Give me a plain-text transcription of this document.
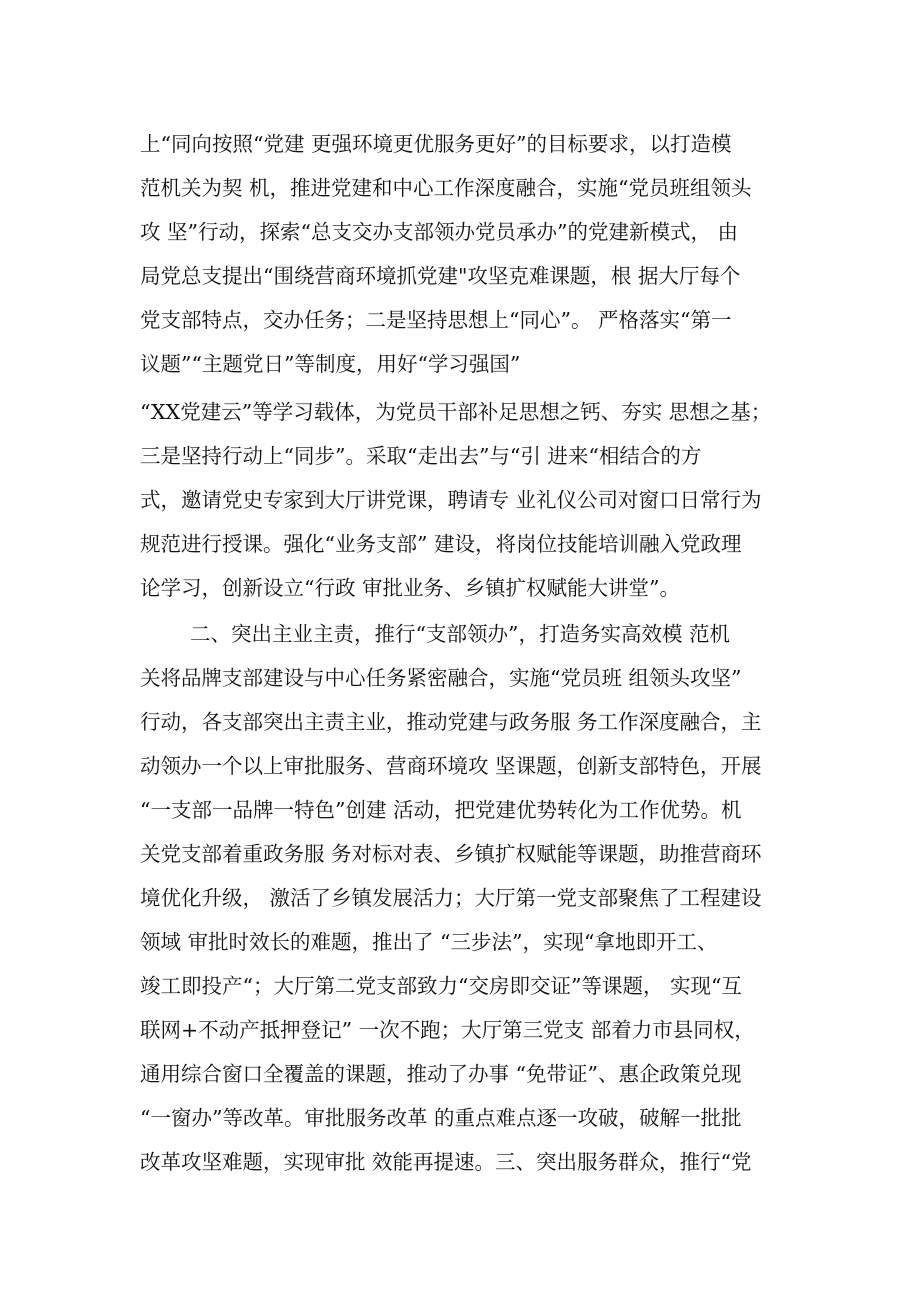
上“同向按照“党建 更强环境更优服务更好”的目标要求，以打造模
范机关为契 机，推进党建和中心工作深度融合，实施“党员班组领头
攻 坚”行动，探索“总支交办支部领办党员承办”的党建新模式， 由
局党总支提出“围绕营商环境抓党建"攻坚克难课题，根 据大厅每个
党支部特点，交办任务；二是坚持思想上“同心”。 严格落实“第一
议题”“主题党日”等制度，用好“学习强国”
“XX党建云”等学习载体，为党员干部补足思想之钙、夯实 思想之基；
三是坚持行动上“同步”。采取“走出去”与“引 进来“相结合的方
式，邀请党史专家到大厅讲党课，聘请专 业礼仪公司对窗口日常行为
规范进行授课。强化“业务支部” 建设，将岗位技能培训融入党政理
论学习，创新设立“行政 审批业务、乡镇扩权赋能大讲堂”。
二、突出主业主责，推行“支部领办”，打造务实高效模 范机
关将品牌支部建设与中心任务紧密融合，实施“党员班 组领头攻坚”
行动，各支部突出主责主业，推动党建与政务服 务工作深度融合，主
动领办一个以上审批服务、营商环境攻 坚课题，创新支部特色，开展
“一支部一品牌一特色”创建 活动，把党建优势转化为工作优势。机
关党支部着重政务服 务对标对表、乡镇扩权赋能等课题，助推营商环
境优化升级， 激活了乡镇发展活力；大厅第一党支部聚焦了工程建设
领域 审批时效长的难题，推出了 “三步法”，实现“拿地即开工、
竣工即投产“；大厅第二党支部致力“交房即交证”等课题， 实现“互
联网+不动产抵押登记” 一次不跑；大厅第三党支 部着力市县同权，
通用综合窗口全覆盖的课题，推动了办事 “免带证”、惠企政策兑现
“一窗办”等改革。审批服务改革 的重点难点逐一攻破，破解一批批
改革攻坚难题，实现审批 效能再提速。三、突出服务群众，推行“党
